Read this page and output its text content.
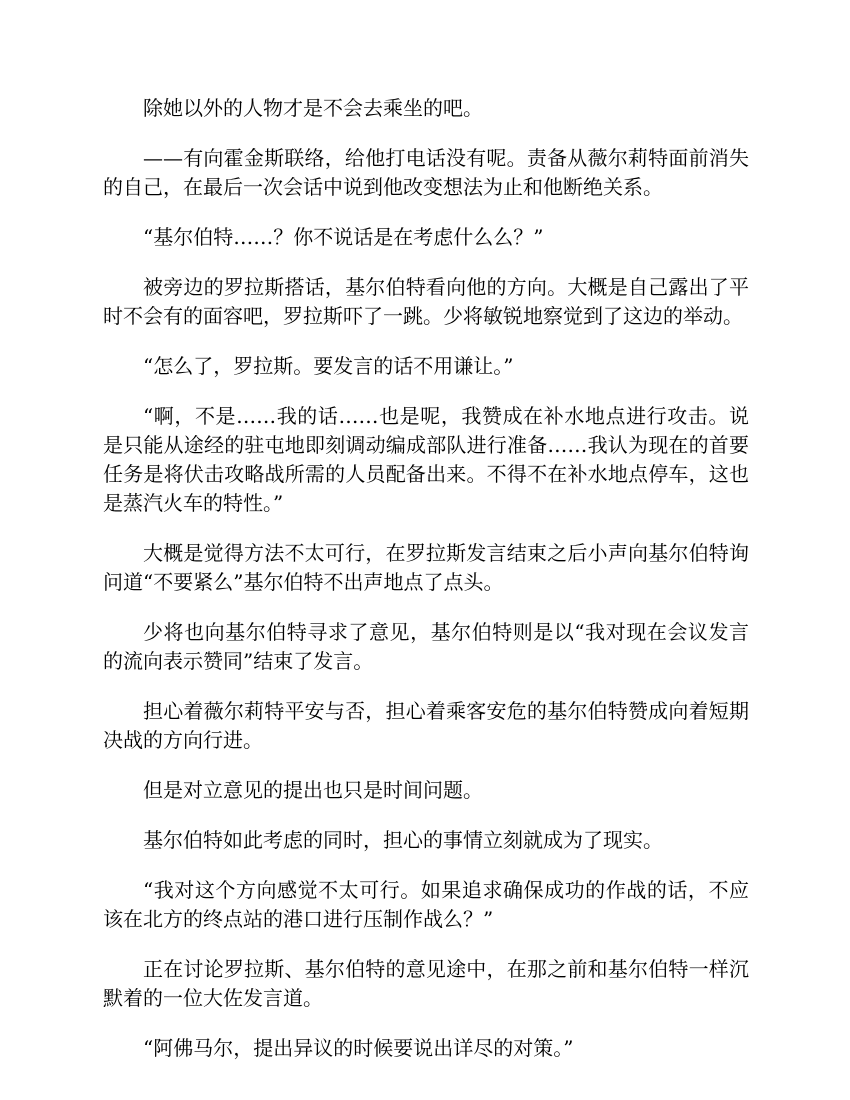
除她以外的人物才是不会去乘坐的吧。

——有向霍金斯联络，给他打电话没有呢。责备从薇尔莉特面前消失的自己，在最后一次会话中说到他改变想法为止和他断绝关系。

“基尔伯特……？你不说话是在考虑什么么？”

被旁边的罗拉斯搭话，基尔伯特看向他的方向。大概是自己露出了平时不会有的面容吧，罗拉斯吓了一跳。少将敏锐地察觉到了这边的举动。

“怎么了，罗拉斯。要发言的话不用谦让。”

“啊，不是……我的话……也是呢，我赞成在补水地点进行攻击。说是只能从途经的驻屯地即刻调动编成部队进行准备……我认为现在的首要任务是将伏击攻略战所需的人员配备出来。不得不在补水地点停车，这也是蒸汽火车的特性。”

大概是觉得方法不太可行，在罗拉斯发言结束之后小声向基尔伯特询问道“不要紧么”基尔伯特不出声地点了点头。

少将也向基尔伯特寻求了意见，基尔伯特则是以“我对现在会议发言的流向表示赞同”结束了发言。

担心着薇尔莉特平安与否，担心着乘客安危的基尔伯特赞成向着短期决战的方向行进。

但是对立意见的提出也只是时间问题。

基尔伯特如此考虑的同时，担心的事情立刻就成为了现实。

“我对这个方向感觉不太可行。如果追求确保成功的作战的话，不应该在北方的终点站的港口进行压制作战么？”

正在讨论罗拉斯、基尔伯特的意见途中，在那之前和基尔伯特一样沉默着的一位大佐发言道。

“阿佛马尔，提出异议的时候要说出详尽的对策。”
